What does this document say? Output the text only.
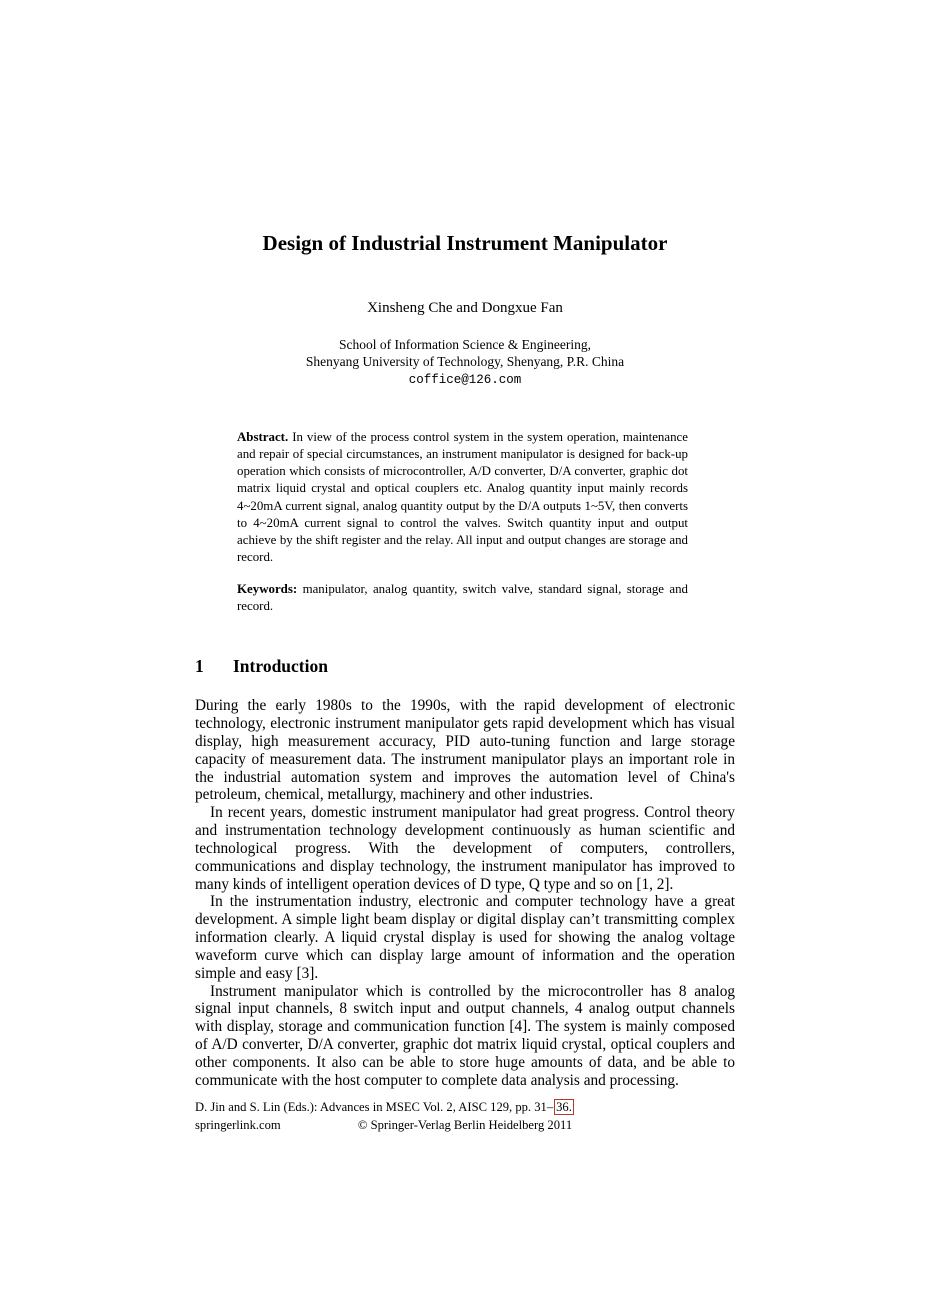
Design of Industrial Instrument Manipulator
Xinsheng Che and Dongxue Fan
School of Information Science & Engineering,
Shenyang University of Technology, Shenyang, P.R. China
coffice@126.com
Abstract. In view of the process control system in the system operation, maintenance and repair of special circumstances, an instrument manipulator is designed for back-up operation which consists of microcontroller, A/D converter, D/A converter, graphic dot matrix liquid crystal and optical couplers etc. Analog quantity input mainly records 4~20mA current signal, analog quantity output by the D/A outputs 1~5V, then converts to 4~20mA current signal to control the valves. Switch quantity input and output achieve by the shift register and the relay. All input and output changes are storage and record.
Keywords: manipulator, analog quantity, switch valve, standard signal, storage and record.
1	Introduction

During the early 1980s to the 1990s, with the rapid development of electronic technology, electronic instrument manipulator gets rapid development which has visual display, high measurement accuracy, PID auto-tuning function and large storage capacity of measurement data. The instrument manipulator plays an important role in the industrial automation system and improves the automation level of China's petroleum, chemical, metallurgy, machinery and other industries.

In recent years, domestic instrument manipulator had great progress. Control theory and instrumentation technology development continuously as human scientific and technological progress. With the development of computers, controllers, communications and display technology, the instrument manipulator has improved to many kinds of intelligent operation devices of D type, Q type and so on [1, 2].

In the instrumentation industry, electronic and computer technology have a great development. A simple light beam display or digital display can’t transmitting complex information clearly. A liquid crystal display is used for showing the analog voltage waveform curve which can display large amount of information and the operation simple and easy [3].

Instrument manipulator which is controlled by the microcontroller has 8 analog signal input channels, 8 switch input and output channels, 4 analog output channels with display, storage and communication function [4]. The system is mainly composed of A/D converter, D/A converter, graphic dot matrix liquid crystal, optical couplers and other components. It also can be able to store huge amounts of data, and be able to communicate with the host computer to complete data analysis and processing.

D. Jin and S. Lin (Eds.): Advances in MSEC Vol. 2, AISC 129, pp. 31– 36.
springerlink.com	© Springer-Verlag Berlin Heidelberg 2011
